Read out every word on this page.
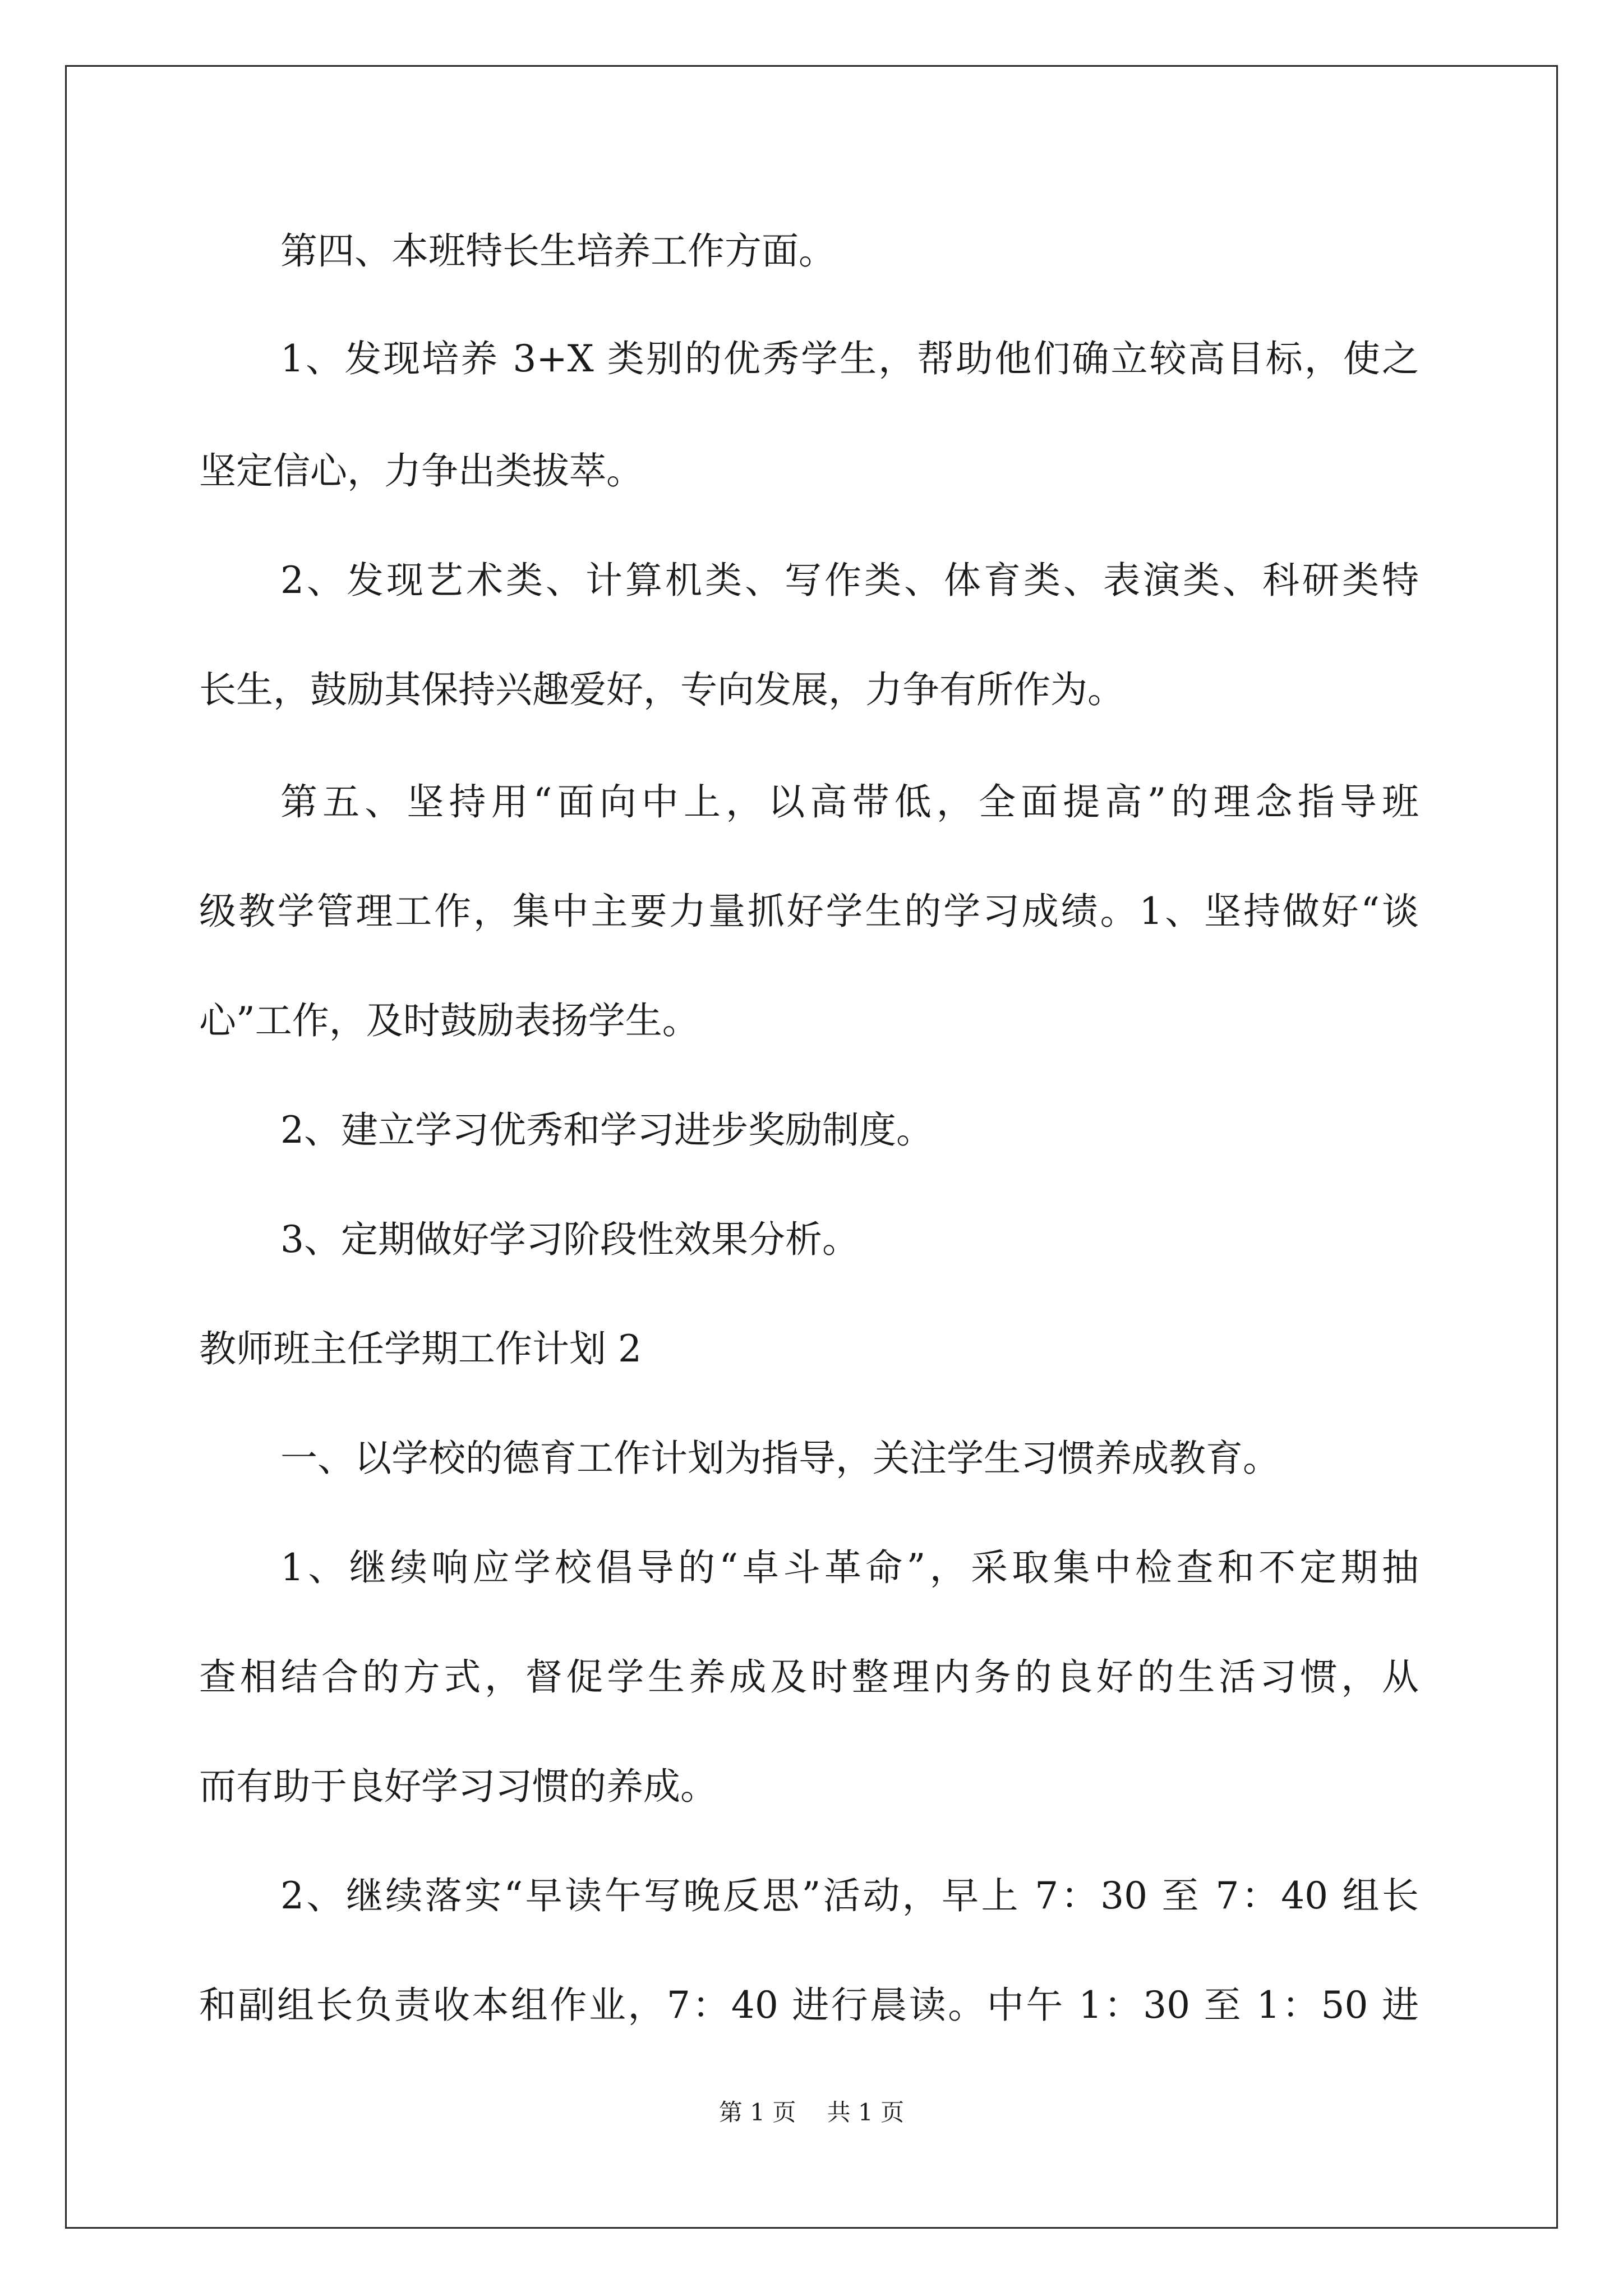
第四、本班特长生培养工作方面。
1、发现培养 3+X 类别的优秀学生，帮助他们确立较高目标，使之
坚定信心，力争出类拔萃。
2、发现艺术类、计算机类、写作类、体育类、表演类、科研类特
长生，鼓励其保持兴趣爱好，专向发展，力争有所作为。
第五、坚持用“面向中上，以高带低，全面提高”的理念指导班
级教学管理工作，集中主要力量抓好学生的学习成绩。1、坚持做好“谈
心”工作，及时鼓励表扬学生。
2、建立学习优秀和学习进步奖励制度。
3、定期做好学习阶段性效果分析。
教师班主任学期工作计划 2
一、以学校的德育工作计划为指导，关注学生习惯养成教育。
1、继续响应学校倡导的“卓斗革命”，采取集中检查和不定期抽
查相结合的方式，督促学生养成及时整理内务的良好的生活习惯，从
而有助于良好学习习惯的养成。
2、继续落实“早读午写晚反思”活动，早上 7：30 至 7：40 组长
和副组长负责收本组作业，7：40 进行晨读。中午 1：30 至 1：50 进
第 1 页　 共 1 页
